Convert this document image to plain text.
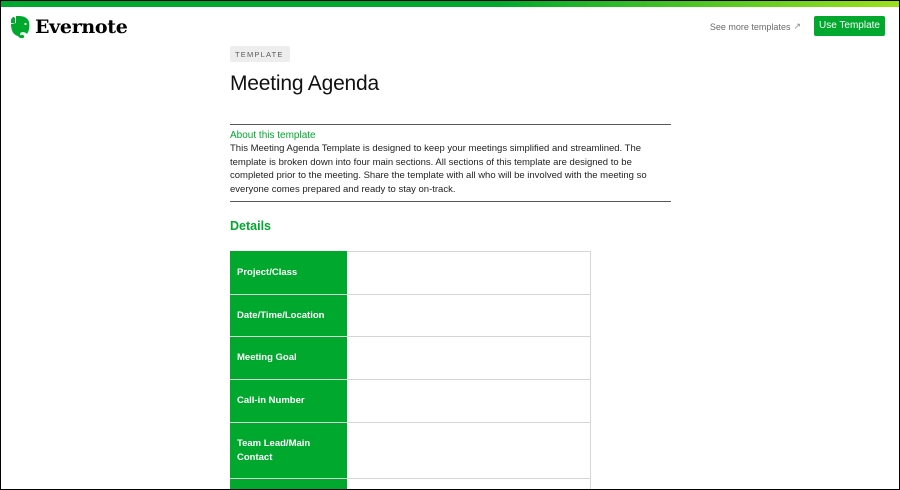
Evernote	See more templates ↗	Use Template
TEMPLATE
Meeting Agenda
About this template

This Meeting Agenda Template is designed to keep your meetings simplified and streamlined. The
template is broken down into four main sections. All sections of this template are designed to be
completed prior to the meeting. Share the template with all who will be involved with the meeting so
everyone comes prepared and ready to stay on-track.

Details
Project/Class	
Date/Time/Location	
Meeting Goal	
Call-in Number	
Team Lead/Main Contact	
